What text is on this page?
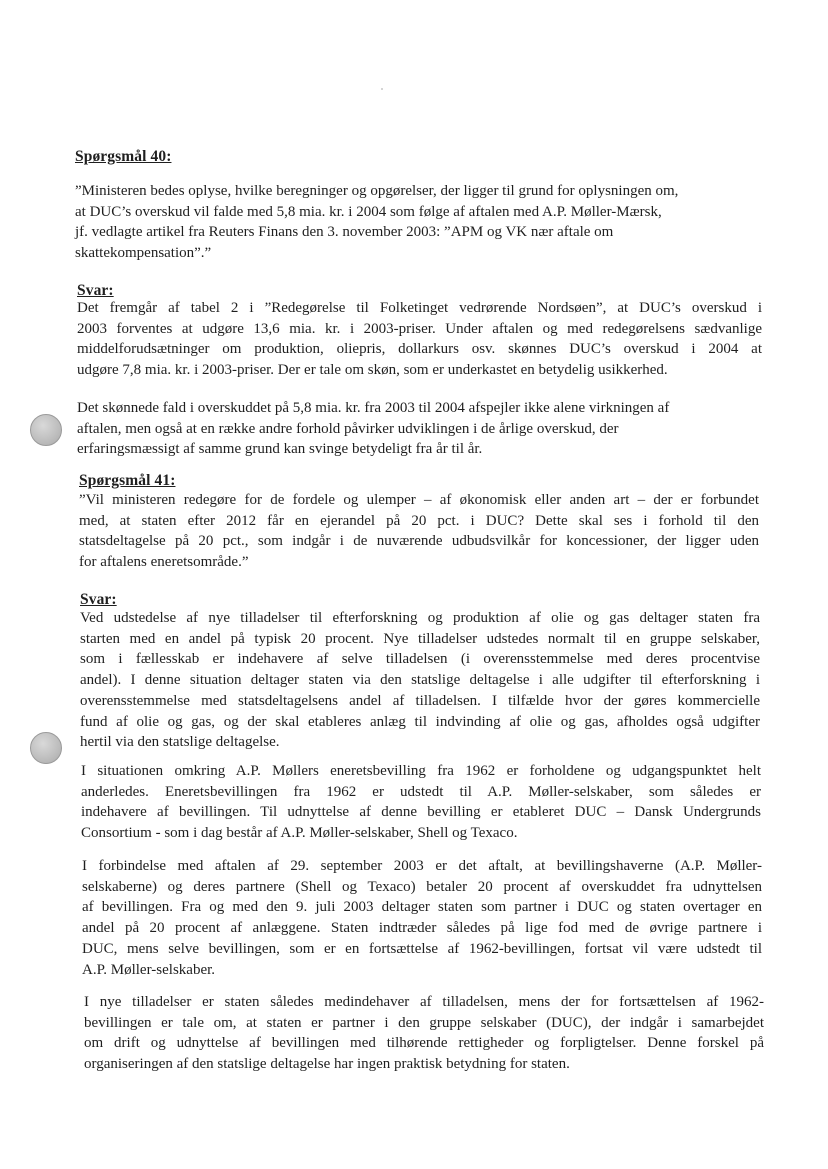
Spørgsmål 40:

”Ministeren bedes oplyse, hvilke beregninger og opgørelser, der ligger til grund for oplysningen om,
at DUC’s overskud vil falde med 5,8 mia. kr. i 2004 som følge af aftalen med A.P. Møller-Mærsk,
jf. vedlagte artikel fra Reuters Finans den 3. november 2003: ”APM og VK nær aftale om
skattekompensation”.”

Svar:

Det fremgår af tabel 2 i ”Redegørelse til Folketinget vedrørende Nordsøen”, at DUC’s overskud i
2003 forventes at udgøre 13,6 mia. kr. i 2003-priser. Under aftalen og med redegørelsens sædvanlige
middelforudsætninger om produktion, oliepris, dollarkurs osv. skønnes DUC’s overskud i 2004 at
udgøre 7,8 mia. kr. i 2003-priser. Der er tale om skøn, som er underkastet en betydelig usikkerhed.

Det skønnede fald i overskuddet på 5,8 mia. kr. fra 2003 til 2004 afspejler ikke alene virkningen af
aftalen, men også at en række andre forhold påvirker udviklingen i de årlige overskud, der
erfaringsmæssigt af samme grund kan svinge betydeligt fra år til år.

Spørgsmål 41:

”Vil ministeren redegøre for de fordele og ulemper – af økonomisk eller anden art – der er forbundet
med, at staten efter 2012 får en ejerandel på 20 pct. i DUC? Dette skal ses i forhold til den
statsdeltagelse på 20 pct., som indgår i de nuværende udbudsvilkår for koncessioner, der ligger uden
for aftalens eneretsområde.”

Svar:

Ved udstedelse af nye tilladelser til efterforskning og produktion af olie og gas deltager staten fra
starten med en andel på typisk 20 procent. Nye tilladelser udstedes normalt til en gruppe selskaber,
som i fællesskab er indehavere af selve tilladelsen (i overensstemmelse med deres procentvise
andel). I denne situation deltager staten via den statslige deltagelse i alle udgifter til efterforskning i
overensstemmelse med statsdeltagelsens andel af tilladelsen. I tilfælde hvor der gøres kommercielle
fund af olie og gas, og der skal etableres anlæg til indvinding af olie og gas, afholdes også udgifter
hertil via den statslige deltagelse.

I situationen omkring A.P. Møllers eneretsbevilling fra 1962 er forholdene og udgangspunktet helt
anderledes. Eneretsbevillingen fra 1962 er udstedt til A.P. Møller-selskaber, som således er
indehavere af bevillingen. Til udnyttelse af denne bevilling er etableret DUC – Dansk Undergrunds
Consortium - som i dag består af A.P. Møller-selskaber, Shell og Texaco.

I forbindelse med aftalen af 29. september 2003 er det aftalt, at bevillingshaverne (A.P. Møller-
selskaberne) og deres partnere (Shell og Texaco) betaler 20 procent af overskuddet fra udnyttelsen
af bevillingen. Fra og med den 9. juli 2003 deltager staten som partner i DUC og staten overtager en
andel på 20 procent af anlæggene. Staten indtræder således på lige fod med de øvrige partnere i
DUC, mens selve bevillingen, som er en fortsættelse af 1962-bevillingen, fortsat vil være udstedt til
A.P. Møller-selskaber.

I nye tilladelser er staten således medindehaver af tilladelsen, mens der for fortsættelsen af 1962-
bevillingen er tale om, at staten er partner i den gruppe selskaber (DUC), der indgår i samarbejdet
om drift og udnyttelse af bevillingen med tilhørende rettigheder og forpligtelser. Denne forskel på
organiseringen af den statslige deltagelse har ingen praktisk betydning for staten.
